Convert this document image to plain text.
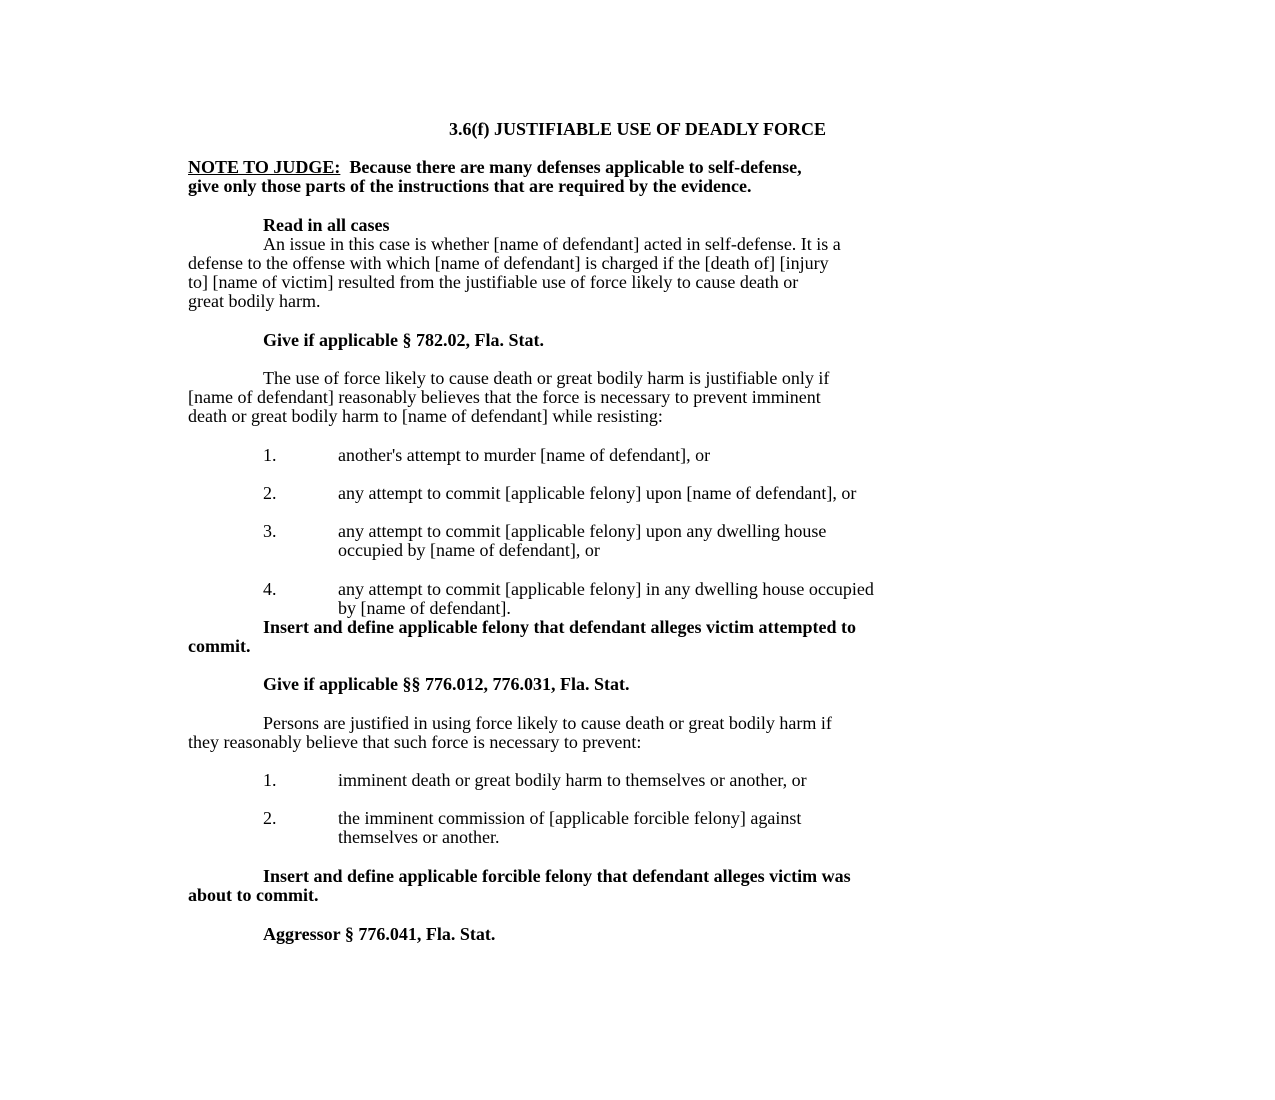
3.6(f) JUSTIFIABLE USE OF DEADLY FORCE
NOTE TO JUDGE: Because there are many defenses applicable to self-defense,
give only those parts of the instructions that are required by the evidence.
Read in all cases
An issue in this case is whether [name of defendant] acted in self-defense. It is a
defense to the offense with which [name of defendant] is charged if the [death of] [injury
to] [name of victim] resulted from the justifiable use of force likely to cause death or
great bodily harm.
Give if applicable § 782.02, Fla. Stat.
The use of force likely to cause death or great bodily harm is justifiable only if
[name of defendant] reasonably believes that the force is necessary to prevent imminent
death or great bodily harm to [name of defendant] while resisting:
1.	another's attempt to murder [name of defendant], or
2.	any attempt to commit [applicable felony] upon [name of defendant], or
3.	any attempt to commit [applicable felony] upon any dwelling house
occupied by [name of defendant], or
4.	any attempt to commit [applicable felony] in any dwelling house occupied
by [name of defendant].
Insert and define applicable felony that defendant alleges victim attempted to
commit.
Give if applicable §§ 776.012, 776.031, Fla. Stat.
Persons are justified in using force likely to cause death or great bodily harm if
they reasonably believe that such force is necessary to prevent:
1.	imminent death or great bodily harm to themselves or another, or
2.	the imminent commission of [applicable forcible felony] against
themselves or another.
Insert and define applicable forcible felony that defendant alleges victim was
about to commit.
Aggressor § 776.041, Fla. Stat.
